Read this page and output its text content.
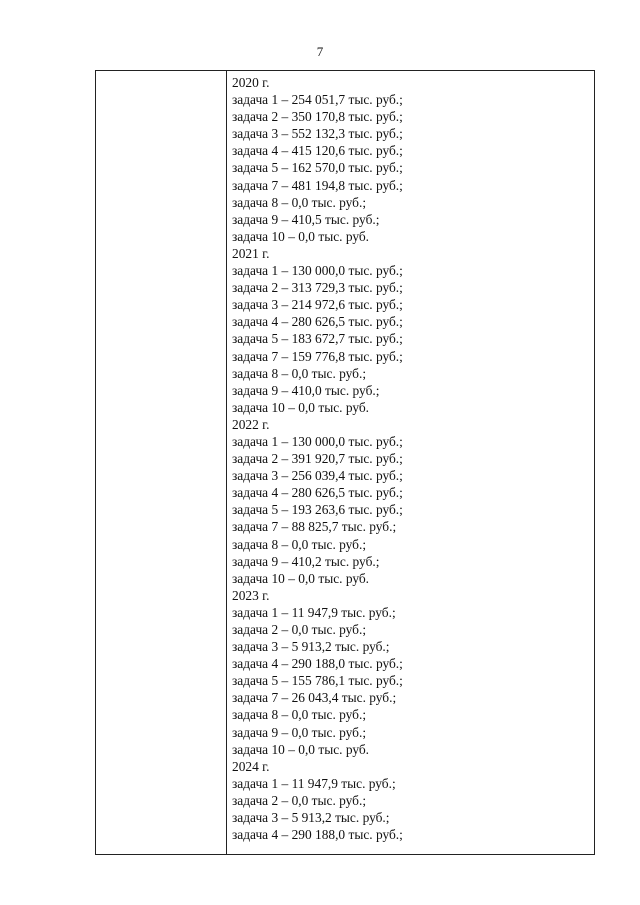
7
2020 г.
задача 1 – 254 051,7 тыс. руб.;
задача 2 – 350 170,8 тыс. руб.;
задача 3 – 552 132,3 тыс. руб.;
задача 4 – 415 120,6 тыс. руб.;
задача 5 – 162 570,0 тыс. руб.;
задача 7 – 481 194,8 тыс. руб.;
задача 8 – 0,0 тыс. руб.;
задача 9 – 410,5 тыс. руб.;
задача 10 – 0,0 тыс. руб.
2021 г.
задача 1 – 130 000,0 тыс. руб.;
задача 2 – 313 729,3 тыс. руб.;
задача 3 – 214 972,6 тыс. руб.;
задача 4 – 280 626,5 тыс. руб.;
задача 5 – 183 672,7 тыс. руб.;
задача 7 – 159 776,8 тыс. руб.;
задача 8 – 0,0 тыс. руб.;
задача 9 – 410,0 тыс. руб.;
задача 10 – 0,0 тыс. руб.
2022 г.
задача 1 – 130 000,0 тыс. руб.;
задача 2 – 391 920,7 тыс. руб.;
задача 3 – 256 039,4 тыс. руб.;
задача 4 – 280 626,5 тыс. руб.;
задача 5 – 193 263,6 тыс. руб.;
задача 7 – 88 825,7 тыс. руб.;
задача 8 – 0,0 тыс. руб.;
задача 9 – 410,2 тыс. руб.;
задача 10 – 0,0 тыс. руб.
2023 г.
задача 1 – 11 947,9 тыс. руб.;
задача 2 – 0,0 тыс. руб.;
задача 3 – 5 913,2 тыс. руб.;
задача 4 – 290 188,0 тыс. руб.;
задача 5 – 155 786,1 тыс. руб.;
задача 7 – 26 043,4 тыс. руб.;
задача 8 – 0,0 тыс. руб.;
задача 9 – 0,0 тыс. руб.;
задача 10 – 0,0 тыс. руб.
2024 г.
задача 1 – 11 947,9 тыс. руб.;
задача 2 – 0,0 тыс. руб.;
задача 3 – 5 913,2 тыс. руб.;
задача 4 – 290 188,0 тыс. руб.;
